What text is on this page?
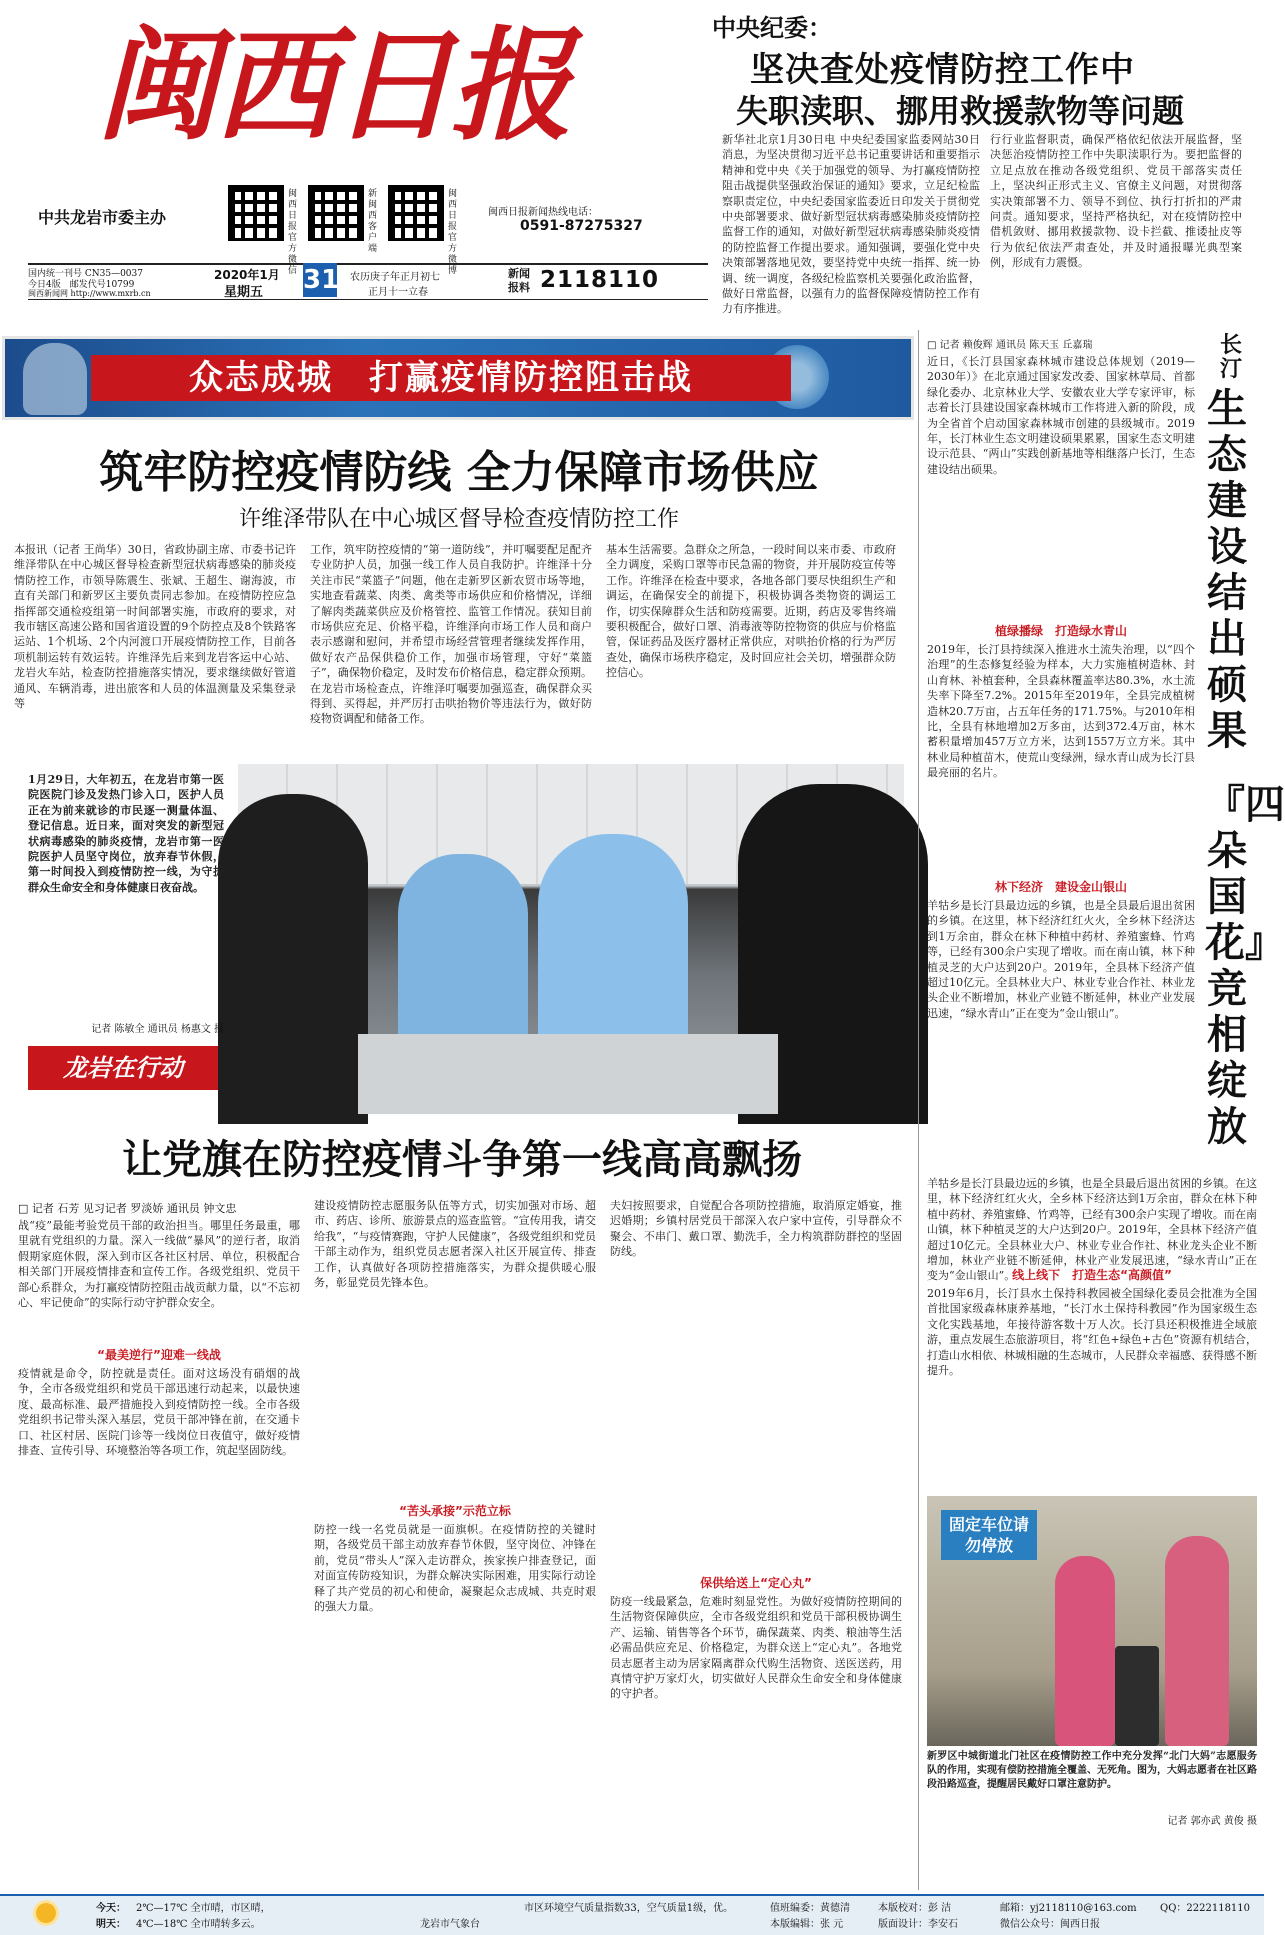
闽西日报
中共龙岩市委主办
闽西日报官方微信
新闽西客户端
闽西日报官方微博
闽西日报新闻热线电话：
0591-87275327
国内统一刊号 CN35—0037
今日4版　邮发代号10799
闽西新闻网 http://www.mxrb.cn
2020年1月
星期五 31 农历庚子年正月初七
正月十一立春
新闻报料 2118110
中央纪委：
坚决查处疫情防控工作中
失职渎职、挪用救援款物等问题
新华社北京1月30日电 中央纪委国家监委网站30日消息，为坚决贯彻习近平总书记重要讲话和重要指示精神和党中央《关于加强党的领导、为打赢疫情防控阻击战提供坚强政治保证的通知》要求，立足纪检监察职责定位，中央纪委国家监委近日印发关于贯彻党中央部署要求、做好新型冠状病毒感染肺炎疫情防控监督工作的通知，对做好新型冠状病毒感染肺炎疫情的防控监督工作提出要求。通知强调，要强化党中央决策部署落地见效，要坚持党中央统一指挥、统一协调、统一调度，各级纪检监察机关要强化政治监督，做好日常监督，以强有力的监督保障疫情防控工作有力有序推进。
行行业监督职责，确保严格依纪依法开展监督，坚决惩治疫情防控工作中失职渎职行为。要把监督的立足点放在推动各级党组织、党员干部落实责任上，坚决纠正形式主义、官僚主义问题，对贯彻落实决策部署不力、领导不到位、执行打折扣的严肃问责。通知要求，坚持严格执纪，对在疫情防控中借机敛财、挪用救援款物、设卡拦截、推诿扯皮等行为依纪依法严肃查处，并及时通报曝光典型案例，形成有力震慑。
众志成城　打赢疫情防控阻击战
筑牢防控疫情防线 全力保障市场供应
许维泽带队在中心城区督导检查疫情防控工作
本报讯（记者 王尚华）30日，省政协副主席、市委书记许维泽带队在中心城区督导检查新型冠状病毒感染的肺炎疫情防控工作，市领导陈震生、张斌、王超生、谢海波，市直有关部门和新罗区主要负责同志参加。在疫情防控应急指挥部交通检疫组第一时间部署实施，市政府的要求，对我市辖区高速公路和国省道设置的9个防控点及8个铁路客运站、1个机场、2个内河渡口开展疫情防控工作，目前各项机制运转有效运转。许维泽先后来到龙岩客运中心站、龙岩火车站，检查防控措施落实情况，要求继续做好管道通风、车辆消毒，进出旅客和人员的体温测量及采集登录等
工作，筑牢防控疫情的“第一道防线”，并叮嘱要配足配齐专业防护人员，加强一线工作人员自我防护。许维泽十分关注市民“菜篮子”问题，他在走新罗区新农贸市场等地，实地查看蔬菜、肉类、禽类等市场供应和价格情况，详细了解肉类蔬菜供应及价格管控、监管工作情况。获知目前市场供应充足、价格平稳，许维泽向市场工作人员和商户表示感谢和慰问，并希望市场经营管理者继续发挥作用，做好农产品保供稳价工作，加强市场管理，守好“菜篮子”，确保物价稳定，及时发布价格信息，稳定群众预期。在龙岩市场检查点，许维泽叮嘱要加强巡查，确保群众买得到、买得起，并严厉打击哄抬物价等违法行为，做好防疫物资调配和储备工作。
基本生活需要。急群众之所急，一段时间以来市委、市政府全力调度，采购口罩等市民急需的物资，并开展防疫宣传等工作。许维泽在检查中要求，各地各部门要尽快组织生产和调运，在确保安全的前提下，积极协调各类物资的调运工作，切实保障群众生活和防疫需要。近期，药店及零售终端要积极配合，做好口罩、消毒液等防控物资的供应与价格监管，保证药品及医疗器材正常供应，对哄抬价格的行为严厉查处，确保市场秩序稳定，及时回应社会关切，增强群众防控信心。
1月29日，大年初五，在龙岩市第一医院医院门诊及发热门诊入口，医护人员正在为前来就诊的市民逐一测量体温、登记信息。近日来，面对突发的新型冠状病毒感染的肺炎疫情，龙岩市第一医院医护人员坚守岗位，放弃春节休假，第一时间投入到疫情防控一线，为守护群众生命安全和身体健康日夜奋战。
记者 陈敏全 通讯员 杨惠文 摄
龙岩在行动
让党旗在防控疫情斗争第一线高高飘扬
□ 记者 石芳 见习记者 罗淡娇 通讯员 钟文忠
战“疫”最能考验党员干部的政治担当。哪里任务最重，哪里就有党组织的力量。深入一线做“暴风”的逆行者，取消假期家庭休假，深入到市区各社区村居、单位，积极配合相关部门开展疫情排查和宣传工作。各级党组织、党员干部心系群众，为打赢疫情防控阻击战贡献力量，以“不忘初心、牢记使命”的实际行动守护群众安全。
“最美逆行”迎难一线战
疫情就是命令，防控就是责任。面对这场没有硝烟的战争，全市各级党组织和党员干部迅速行动起来，以最快速度、最高标准、最严措施投入到疫情防控一线。全市各级党组织书记带头深入基层，党员干部冲锋在前，在交通卡口、社区村居、医院门诊等一线岗位日夜值守，做好疫情排查、宣传引导、环境整治等各项工作，筑起坚固防线。
建设疫情防控志愿服务队伍等方式，切实加强对市场、超市、药店、诊所、旅游景点的巡查监管。“宣传用我，请交给我”，“与疫情赛跑，守护人民健康”，各级党组织和党员干部主动作为，组织党员志愿者深入社区开展宣传、排查工作，认真做好各项防控措施落实，为群众提供暖心服务，彰显党员先锋本色。
“苦头承接”示范立标
防控一线一名党员就是一面旗帜。在疫情防控的关键时期，各级党员干部主动放弃春节休假，坚守岗位、冲锋在前，党员“带头人”深入走访群众，挨家挨户排查登记，面对面宣传防疫知识，为群众解决实际困难，用实际行动诠释了共产党员的初心和使命，凝聚起众志成城、共克时艰的强大力量。
夫妇按照要求，自觉配合各项防控措施，取消原定婚宴，推迟婚期；乡镇村居党员干部深入农户家中宣传，引导群众不聚会、不串门、戴口罩、勤洗手，全力构筑群防群控的坚固防线。
保供给送上“定心丸”
防疫一线最紧急，危难时刻显党性。为做好疫情防控期间的生活物资保障供应，全市各级党组织和党员干部积极协调生产、运输、销售等各个环节，确保蔬菜、肉类、粮油等生活必需品供应充足、价格稳定，为群众送上“定心丸”。各地党员志愿者主动为居家隔离群众代购生活物资、送医送药，用真情守护万家灯火，切实做好人民群众生命安全和身体健康的守护者。
□ 记者 赖俊辉 通讯员 陈天玉 丘嘉瑞	长汀
生态建设结出硕果
『四朵国花』竞相绽放
近日，《长汀县国家森林城市建设总体规划（2019—2030年）》在北京通过国家发改委、国家林草局、首都绿化委办、北京林业大学、安徽农业大学专家评审，标志着长汀县建设国家森林城市工作将进入新的阶段，成为全省首个启动国家森林城市创建的县级城市。2019年，长汀林业生态文明建设硕果累累，国家生态文明建设示范县、“两山”实践创新基地等相继落户长汀，生态建设结出硕果。
植绿播绿　打造绿水青山
2019年，长汀县持续深入推进水土流失治理，以“四个治理”的生态修复经验为样本，大力实施植树造林、封山育林、补植套种，全县森林覆盖率达80.3%，水土流失率下降至7.2%。2015年至2019年，全县完成植树造林20.7万亩，占五年任务的171.75%。与2010年相比，全县有林地增加2万多亩，达到372.4万亩，林木蓄积量增加457万立方米，达到1557万立方米。其中林业局种植苗木，使荒山变绿洲，绿水青山成为长汀县最亮丽的名片。
林下经济　建设金山银山
羊牯乡是长汀县最边远的乡镇，也是全县最后退出贫困的乡镇。在这里，林下经济红红火火，全乡林下经济达到1万余亩，群众在林下种植中药材、养殖蜜蜂、竹鸡等，已经有300余户实现了增收。而在南山镇，林下种植灵芝的大户达到20户。2019年，全县林下经济产值超过10亿元。全县林业大户、林业专业合作社、林业龙头企业不断增加，林业产业链不断延伸，林业产业发展迅速，“绿水青山”正在变为“金山银山”。
羊牯乡是长汀县最边远的乡镇，也是全县最后退出贫困的乡镇。在这里，林下经济红红火火，全乡林下经济达到1万余亩，群众在林下种植中药材、养殖蜜蜂、竹鸡等，已经有300余户实现了增收。而在南山镇，林下种植灵芝的大户达到20户。2019年，全县林下经济产值超过10亿元。全县林业大户、林业专业合作社、林业龙头企业不断增加，林业产业链不断延伸，林业产业发展迅速，“绿水青山”正在变为“金山银山”。
线上线下　打造生态“高颜值”
2019年6月，长汀县水土保持科教园被全国绿化委员会批准为全国首批国家级森林康养基地，“长汀水土保持科教园”作为国家级生态文化实践基地，年接待游客数十万人次。长汀县还积极推进全域旅游，重点发展生态旅游项目，将“红色+绿色+古色”资源有机结合，打造山水相依、林城相融的生态城市，人民群众幸福感、获得感不断提升。
固定车位请勿停放
新罗区中城街道北门社区在疫情防控工作中充分发挥“北门大妈”志愿服务队的作用，实现有偿防控措施全覆盖、无死角。图为，大妈志愿者在社区路段沿路巡查，提醒居民戴好口罩注意防护。
记者 郭亦武 黄俊 摄
今天： 2℃—17℃ 全市晴，市区晴，
明天： 4℃—18℃ 全市晴转多云。	龙岩市气象台
市区环境空气质量指数33，空气质量1级，优。	值班编委：黄德清
本版编辑：张 元
本版校对：彭 洁
版面设计：李安石
邮箱：yj2118110@163.com QQ：2222118110
微信公众号：闽西日报
